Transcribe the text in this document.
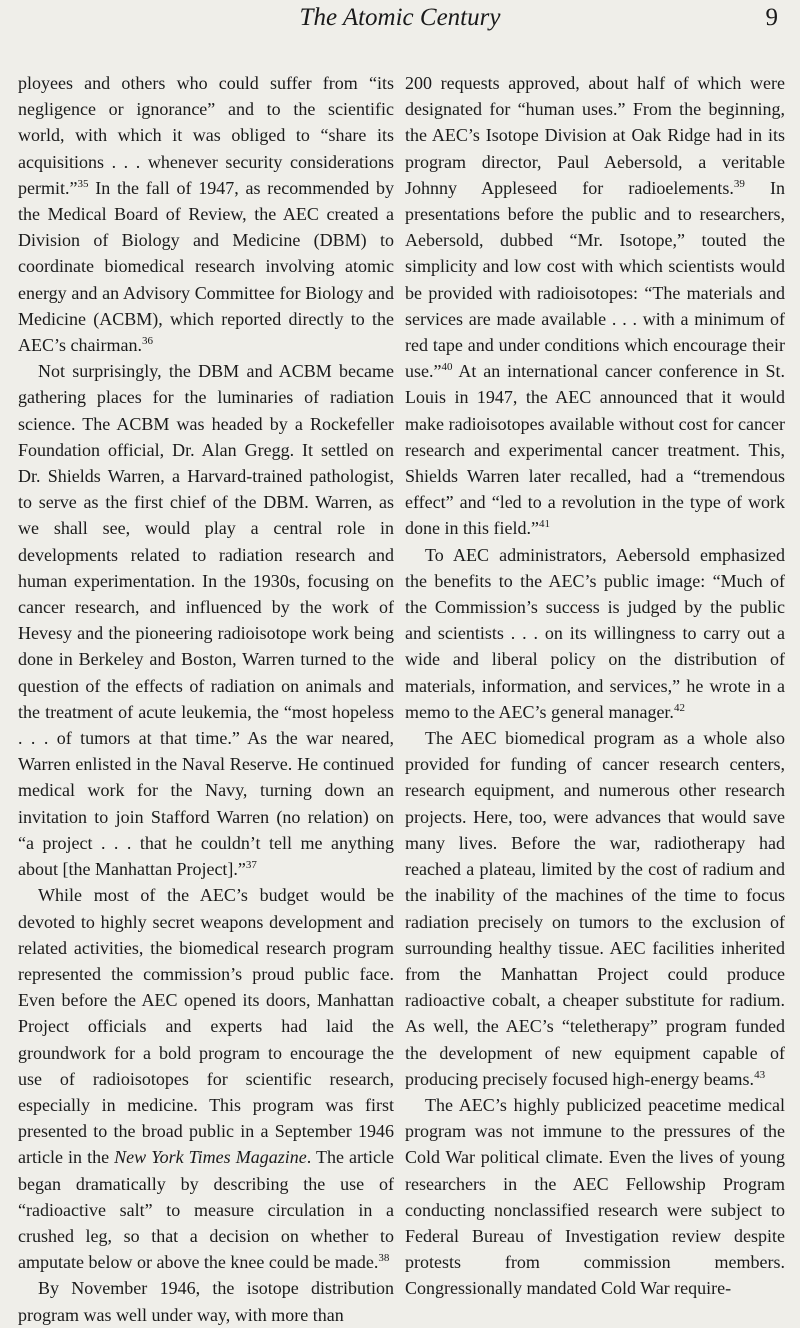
The Atomic Century	9

ployees and others who could suffer from “its negligence or ignorance” and to the scientific world, with which it was obliged to “share its acquisitions . . . whenever security considerations permit.”$^{35}$ In the fall of 1947, as recommended by the Medical Board of Review, the AEC created a Division of Biology and Medicine (DBM) to coordinate biomedical research involving atomic energy and an Advisory Committee for Biology and Medicine (ACBM), which reported directly to the AEC’s chairman.$^{36}$

Not surprisingly, the DBM and ACBM became gathering places for the luminaries of radiation science. The ACBM was headed by a Rockefeller Foundation official, Dr. Alan Gregg. It settled on Dr. Shields Warren, a Harvard-trained pathologist, to serve as the first chief of the DBM. Warren, as we shall see, would play a central role in developments related to radiation research and human experimentation. In the 1930s, focusing on cancer research, and influenced by the work of Hevesy and the pioneering radioisotope work being done in Berkeley and Boston, Warren turned to the question of the effects of radiation on animals and the treatment of acute leukemia, the “most hopeless . . . of tumors at that time.” As the war neared, Warren enlisted in the Naval Reserve. He continued medical work for the Navy, turning down an invitation to join Stafford Warren (no relation) on “a project . . . that he couldn’t tell me anything about [the Manhattan Project].”$^{37}$

While most of the AEC’s budget would be devoted to highly secret weapons development and related activities, the biomedical research program represented the commission’s proud public face. Even before the AEC opened its doors, Manhattan Project officials and experts had laid the groundwork for a bold program to encourage the use of radioisotopes for scientific research, especially in medicine. This program was first presented to the broad public in a September 1946 article in the New York Times Magazine. The article began dramatically by describing the use of “radioactive salt” to measure circulation in a crushed leg, so that a decision on whether to amputate below or above the knee could be made.$^{38}$

By November 1946, the isotope distribution program was well under way, with more than

200 requests approved, about half of which were designated for “human uses.” From the beginning, the AEC’s Isotope Division at Oak Ridge had in its program director, Paul Aebersold, a veritable Johnny Appleseed for radioelements.$^{39}$ In presentations before the public and to researchers, Aebersold, dubbed “Mr. Isotope,” touted the simplicity and low cost with which scientists would be provided with radioisotopes: “The materials and services are made available . . . with a minimum of red tape and under conditions which encourage their use.”$^{40}$ At an international cancer conference in St. Louis in 1947, the AEC announced that it would make radioisotopes available without cost for cancer research and experimental cancer treatment. This, Shields Warren later recalled, had a “tremendous effect” and “led to a revolution in the type of work done in this field.”$^{41}$

To AEC administrators, Aebersold emphasized the benefits to the AEC’s public image: “Much of the Commission’s success is judged by the public and scientists . . . on its willingness to carry out a wide and liberal policy on the distribution of materials, information, and services,” he wrote in a memo to the AEC’s general manager.$^{42}$

The AEC biomedical program as a whole also provided for funding of cancer research centers, research equipment, and numerous other research projects. Here, too, were advances that would save many lives. Before the war, radiotherapy had reached a plateau, limited by the cost of radium and the inability of the machines of the time to focus radiation precisely on tumors to the exclusion of surrounding healthy tissue. AEC facilities inherited from the Manhattan Project could produce radioactive cobalt, a cheaper substitute for radium. As well, the AEC’s “teletherapy” program funded the development of new equipment capable of producing precisely focused high-energy beams.$^{43}$

The AEC’s highly publicized peacetime medical program was not immune to the pressures of the Cold War political climate. Even the lives of young researchers in the AEC Fellowship Program conducting nonclassified research were subject to Federal Bureau of Investigation review despite protests from commission members. Congressionally mandated Cold War require-
